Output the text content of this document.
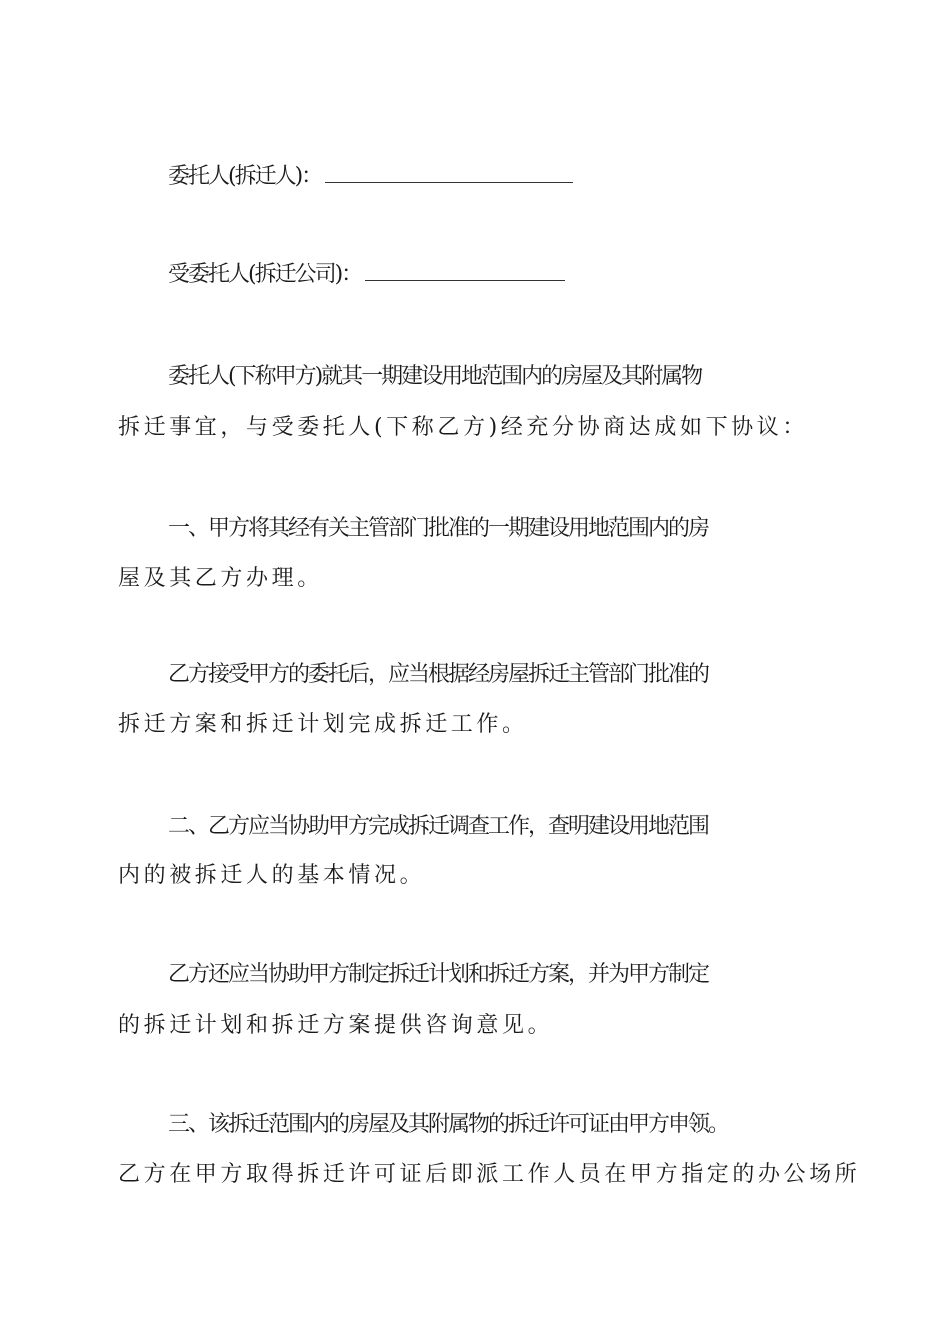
委托人(拆迁人)：
受委托人(拆迁公司)：
委托人(下称甲方)就其一期建设用地范围内的房屋及其附属物
拆迁事宜，与受委托人(下称乙方)经充分协商达成如下协议：
一、甲方将其经有关主管部门批准的一期建设用地范围内的房
屋及其乙方办理。
乙方接受甲方的委托后，应当根据经房屋拆迁主管部门批准的
拆迁方案和拆迁计划完成拆迁工作。
二、乙方应当协助甲方完成拆迁调查工作，查明建设用地范围
内的被拆迁人的基本情况。
乙方还应当协助甲方制定拆迁计划和拆迁方案，并为甲方制定
的拆迁计划和拆迁方案提供咨询意见。
三、该拆迁范围内的房屋及其附属物的拆迁许可证由甲方申领。
乙方在甲方取得拆迁许可证后即派工作人员在甲方指定的办公场所
